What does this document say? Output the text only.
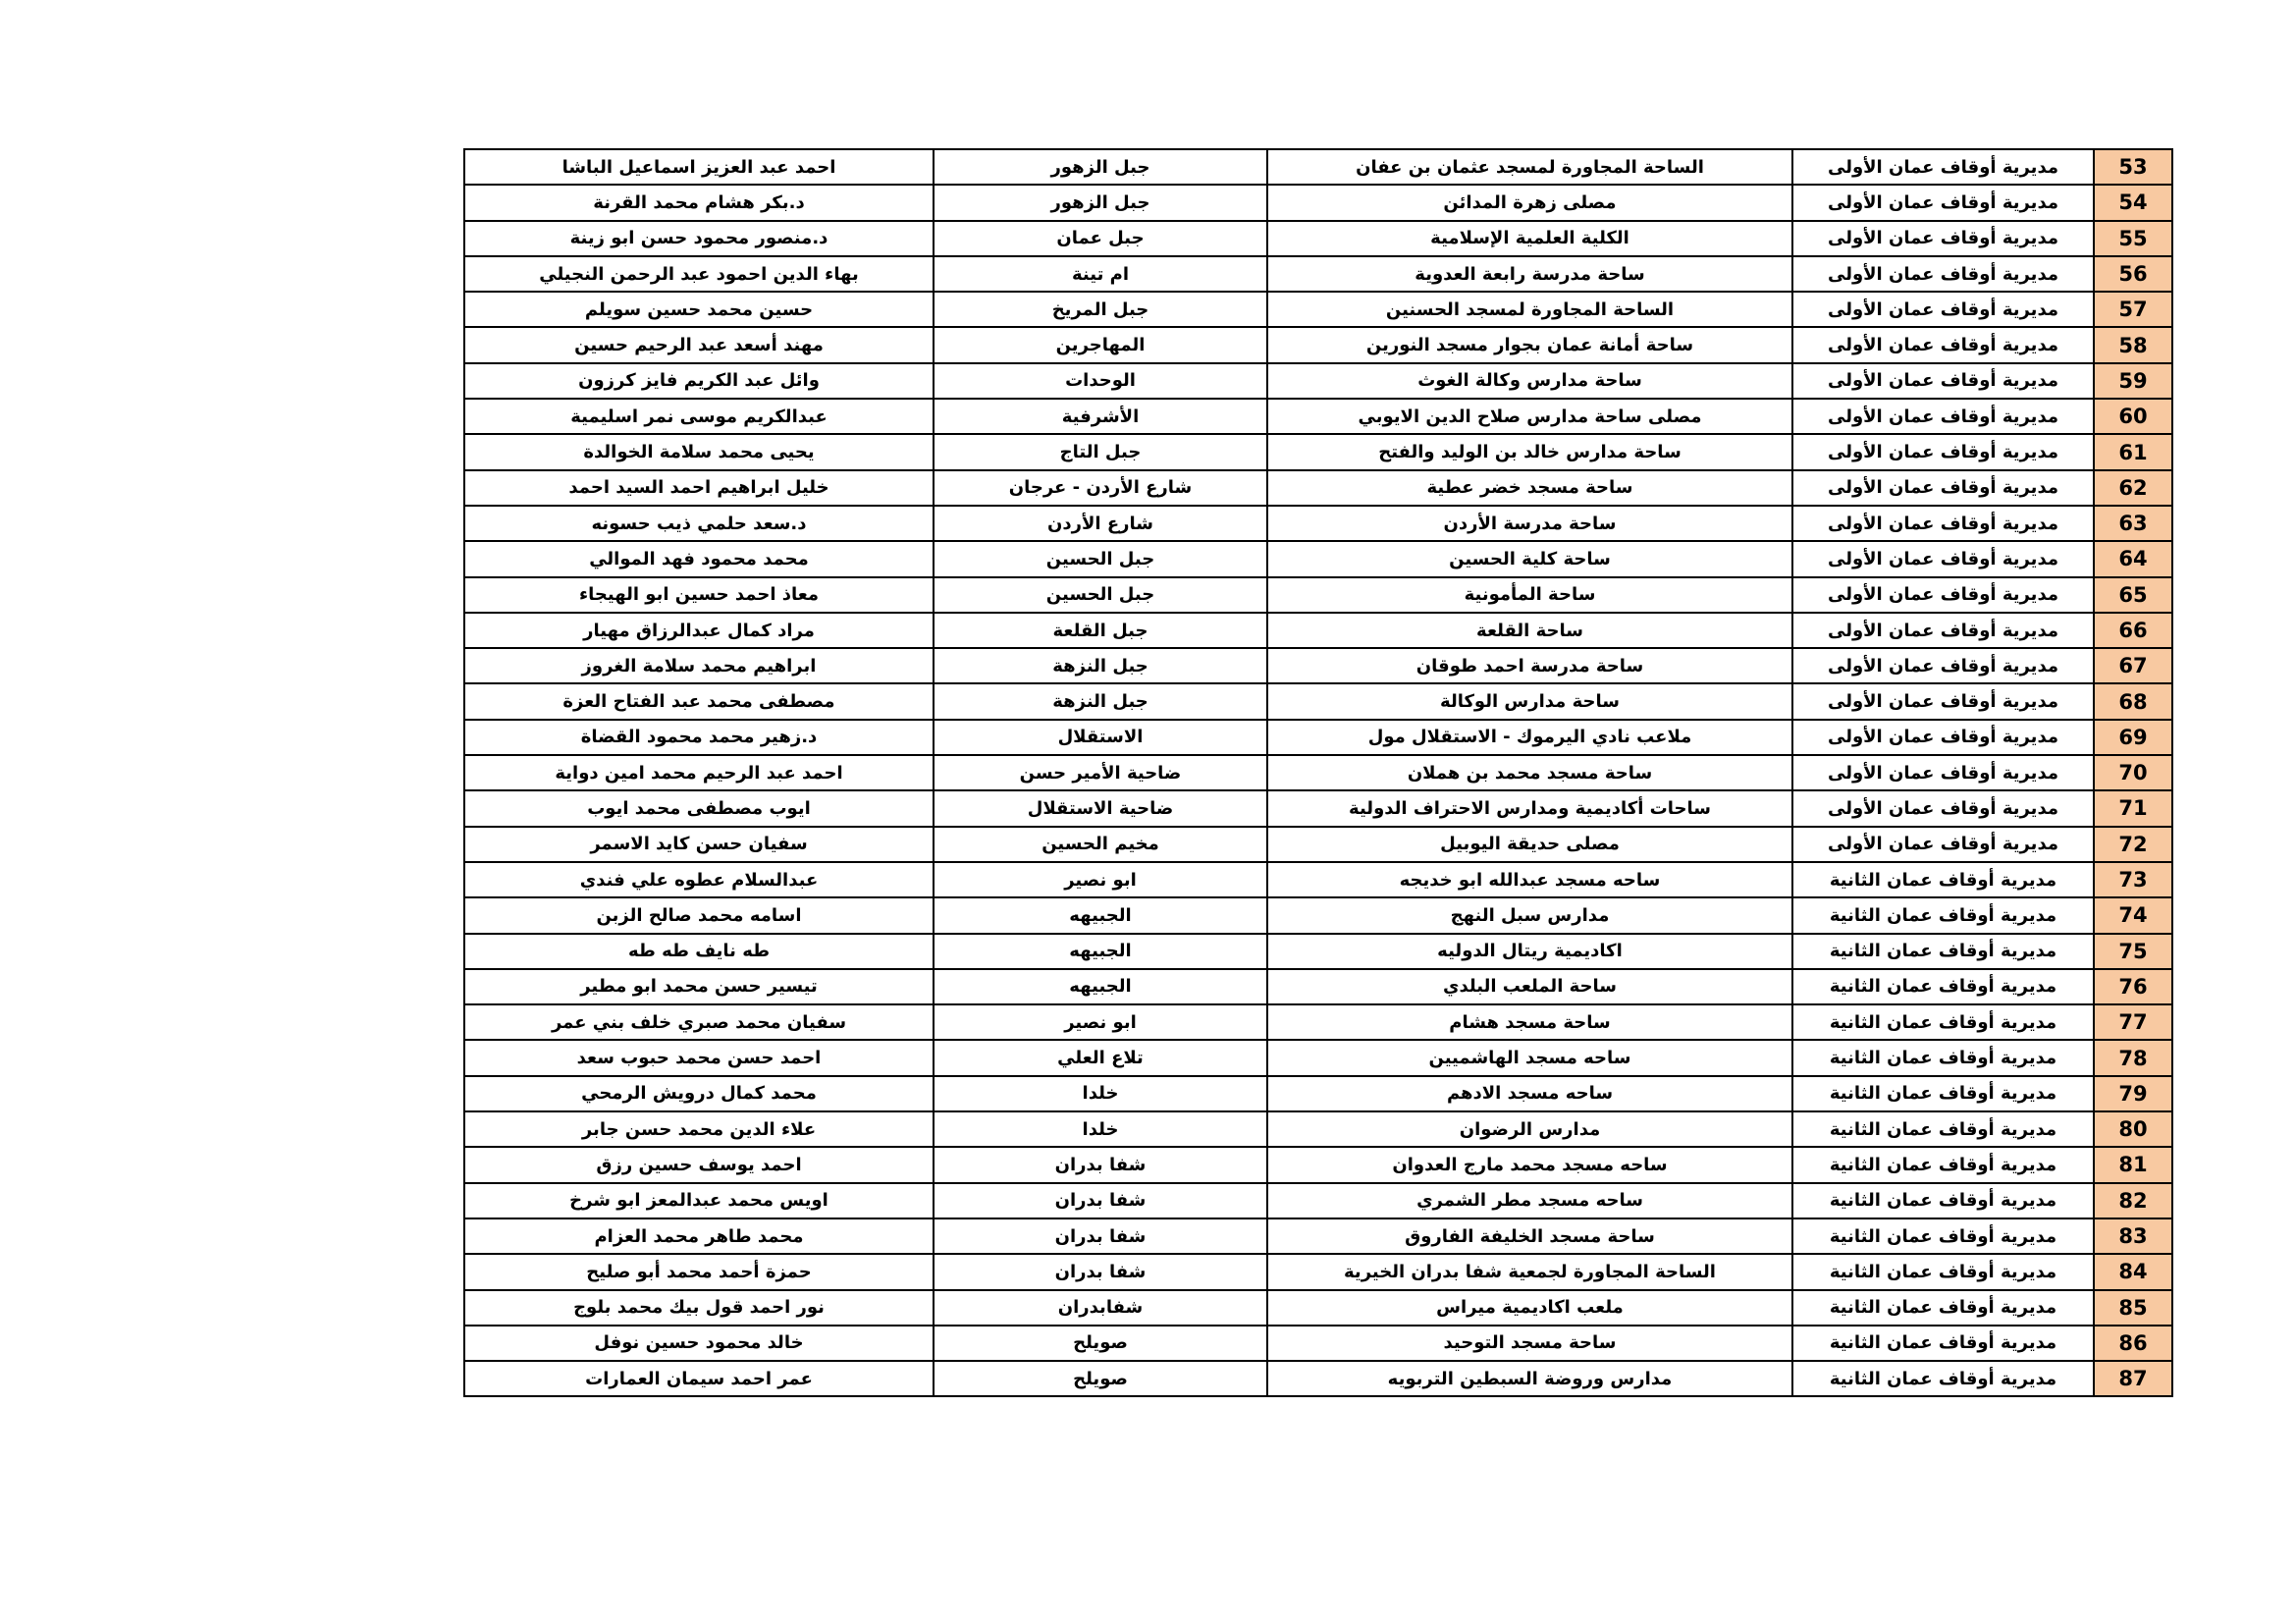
53	مديرية أوقاف عمان الأولى	الساحة المجاورة لمسجد عثمان بن عفان	جبل الزهور	احمد عبد العزيز اسماعيل الباشا
54	مديرية أوقاف عمان الأولى	مصلى زهرة المدائن	جبل الزهور	د.بكر هشام محمد القرنة
55	مديرية أوقاف عمان الأولى	الكلية العلمية الإسلامية	جبل عمان	د.منصور محمود حسن ابو زينة
56	مديرية أوقاف عمان الأولى	ساحة مدرسة رابعة العدوية	ام تينة	بهاء الدين احمود عبد الرحمن النجيلي
57	مديرية أوقاف عمان الأولى	الساحة المجاورة لمسجد الحسنين	جبل المريخ	حسين محمد حسين سويلم
58	مديرية أوقاف عمان الأولى	ساحة أمانة عمان بجوار مسجد النورين	المهاجرين	مهند أسعد عبد الرحيم حسين
59	مديرية أوقاف عمان الأولى	ساحة مدارس وكالة الغوث	الوحدات	وائل عبد الكريم فايز كرزون
60	مديرية أوقاف عمان الأولى	مصلى ساحة مدارس صلاح الدين الايوبي	الأشرفية	عبدالكريم موسى نمر اسليمية
61	مديرية أوقاف عمان الأولى	ساحة مدارس خالد بن الوليد والفتح	جبل التاج	يحيى محمد سلامة الخوالدة
62	مديرية أوقاف عمان الأولى	ساحة مسجد خضر عطية	شارع الأردن - عرجان	خليل ابراهيم احمد السيد احمد
63	مديرية أوقاف عمان الأولى	ساحة مدرسة الأردن	شارع الأردن	د.سعد حلمي ذيب حسونه
64	مديرية أوقاف عمان الأولى	ساحة كلية الحسين	جبل الحسين	محمد محمود فهد الموالي
65	مديرية أوقاف عمان الأولى	ساحة المأمونية	جبل الحسين	معاذ احمد حسين ابو الهيجاء
66	مديرية أوقاف عمان الأولى	ساحة القلعة	جبل القلعة	مراد كمال عبدالرزاق مهيار
67	مديرية أوقاف عمان الأولى	ساحة مدرسة احمد طوقان	جبل النزهة	ابراهيم محمد سلامة الغروز
68	مديرية أوقاف عمان الأولى	ساحة مدارس الوكالة	جبل النزهة	مصطفى محمد عبد الفتاح العزة
69	مديرية أوقاف عمان الأولى	ملاعب نادي اليرموك - الاستقلال مول	الاستقلال	د.زهير محمد محمود القضاة
70	مديرية أوقاف عمان الأولى	ساحة مسجد محمد بن هملان	ضاحية الأمير حسن	احمد عبد الرحيم محمد امين دواية
71	مديرية أوقاف عمان الأولى	ساحات أكاديمية ومدارس الاحتراف الدولية	ضاحية الاستقلال	ايوب مصطفى محمد ايوب
72	مديرية أوقاف عمان الأولى	مصلى حديقة اليوبيل	مخيم الحسين	سفيان حسن كايد الاسمر
73	مديرية أوقاف عمان الثانية	ساحه مسجد عبدالله ابو خديجه	ابو نصير	عبدالسلام عطوه علي فندي
74	مديرية أوقاف عمان الثانية	مدارس سبل النهج	الجبيهه	اسامه محمد صالح الزبن
75	مديرية أوقاف عمان الثانية	اكاديمية ريتال الدوليه	الجبيهه	طه نايف طه طه
76	مديرية أوقاف عمان الثانية	ساحة الملعب البلدي	الجبيهه	تيسير حسن محمد ابو مطير
77	مديرية أوقاف عمان الثانية	ساحة مسجد هشام	ابو نصير	سفيان محمد صبري خلف بني عمر
78	مديرية أوقاف عمان الثانية	ساحه مسجد الهاشميين	تلاع العلي	احمد حسن محمد حبوب سعد
79	مديرية أوقاف عمان الثانية	ساحه مسجد الادهم	خلدا	محمد كمال درويش الرمحي
80	مديرية أوقاف عمان الثانية	مدارس الرضوان	خلدا	علاء الدين محمد حسن جابر
81	مديرية أوقاف عمان الثانية	ساحه مسجد محمد مارج العدوان	شفا بدران	احمد يوسف حسين رزق
82	مديرية أوقاف عمان الثانية	ساحه مسجد مطر الشمري	شفا بدران	اويس محمد عبدالمعز ابو شرخ
83	مديرية أوقاف عمان الثانية	ساحة مسجد الخليفة الفاروق	شفا بدران	محمد طاهر محمد العزام
84	مديرية أوقاف عمان الثانية	الساحة المجاورة لجمعية شفا بدران الخيرية	شفا بدران	حمزة أحمد محمد أبو صليح
85	مديرية أوقاف عمان الثانية	ملعب اكاديمية ميراس	شفابدران	نور احمد قول بيك محمد بلوج
86	مديرية أوقاف عمان الثانية	ساحة مسجد التوحيد	صويلح	خالد محمود حسين نوفل
87	مديرية أوقاف عمان الثانية	مدارس وروضة السبطين التربويه	صويلح	عمر احمد سيمان العمارات
